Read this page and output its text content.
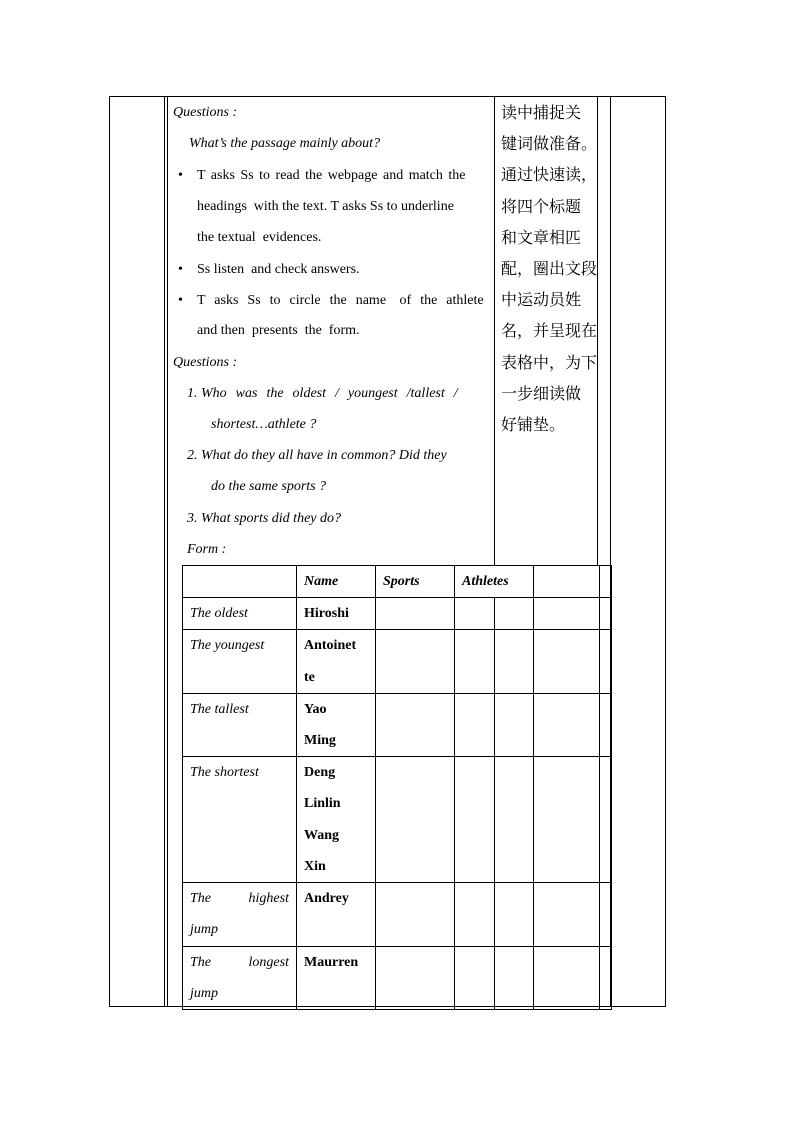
Questions :
What’s the passage mainly about?
• T asks Ss to read the webpage and match the
headings  with the text. T asks Ss to underline
the textual  evidences.
• Ss listen  and check answers.
• T  asks  Ss  to  circle  the  name   of  the  athlete
and then  presents  the  form.
Questions :
1. Who  was  the  oldest  /  youngest  /tallest  /
shortest…athlete ?
2. What do they all have in common? Did they
do the same sports ?
3. What sports did they do?
Form :
读中捕捉关
键词做准备。
通过快速读，
将四个标题
和文章相匹
配，圈出文段
中运动员姓
名，并呈现在
表格中，为下
一步细读做
好铺垫。
	Name	Sports	Athletes			
The oldest	Hiroshi					
The youngest	Antoinet
te					

The tallest	Yao
Ming					

The shortest	Deng
Linlin
Wang
Xin					

The highest
jump	Andrey					

The longest
jump	Maurren					
